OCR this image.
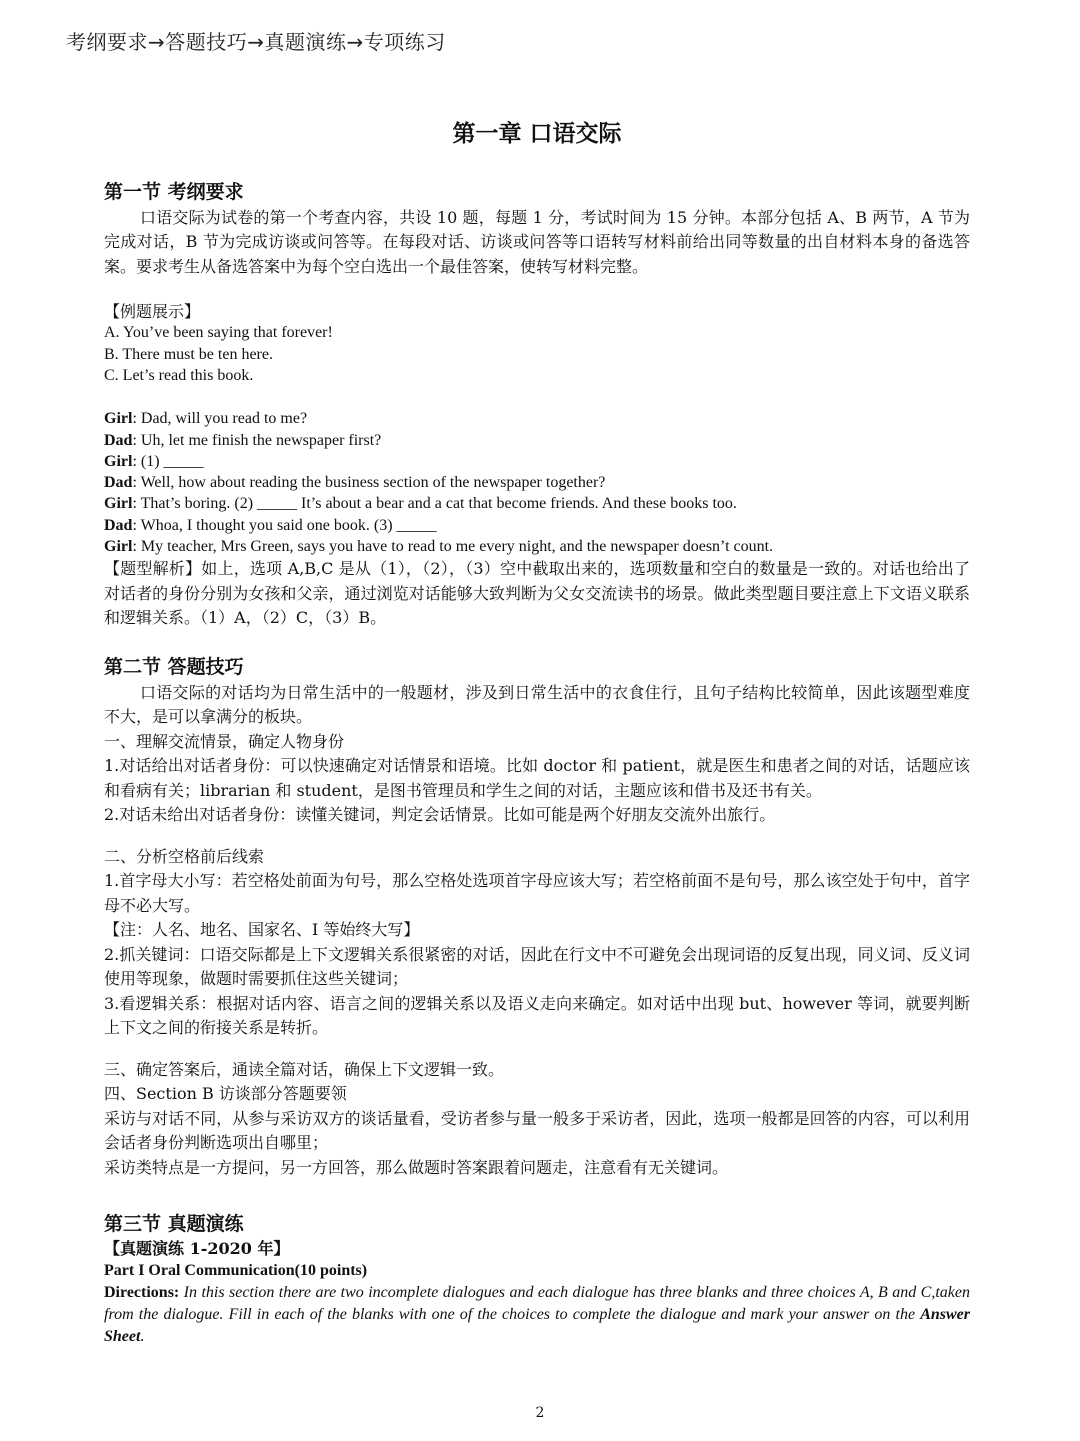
考纲要求→答题技巧→真题演练→专项练习
第一章 口语交际
第一节 考纲要求

口语交际为试卷的第一个考查内容，共设 10 题，每题 1 分，考试时间为 15 分钟。本部分包括 A、B 两节，A 节为完成对话，B 节为完成访谈或问答等。在每段对话、访谈或问答等口语转写材料前给出同等数量的出自材料本身的备选答案。要求考生从备选答案中为每个空白选出一个最佳答案，使转写材料完整。

【例题展示】

A. You’ve been saying that forever!

B. There must be ten here.

C. Let’s read this book.

Girl: Dad, will you read to me?

Dad: Uh, let me finish the newspaper first?

Girl: (1) _____

Dad: Well, how about reading the business section of the newspaper together?

Girl: That’s boring. (2) _____ It’s about a bear and a cat that become friends. And these books too.

Dad: Whoa, I thought you said one book. (3) _____

Girl: My teacher, Mrs Green, says you have to read to me every night, and the newspaper doesn’t count.

【题型解析】如上，选项 A,B,C 是从（1），（2），（3）空中截取出来的，选项数量和空白的数量是一致的。对话也给出了对话者的身份分别为女孩和父亲，通过浏览对话能够大致判断为父女交流读书的场景。做此类型题目要注意上下文语义联系和逻辑关系。（1）A，（2）C，（3）B。

第二节 答题技巧

口语交际的对话均为日常生活中的一般题材，涉及到日常生活中的衣食住行，且句子结构比较简单，因此该题型难度不大，是可以拿满分的板块。

一、理解交流情景，确定人物身份

1.对话给出对话者身份：可以快速确定对话情景和语境。比如 doctor 和 patient，就是医生和患者之间的对话，话题应该和看病有关；librarian 和 student，是图书管理员和学生之间的对话，主题应该和借书及还书有关。

2.对话未给出对话者身份：读懂关键词，判定会话情景。比如可能是两个好朋友交流外出旅行。

二、分析空格前后线索

1.首字母大小写：若空格处前面为句号，那么空格处选项首字母应该大写；若空格前面不是句号，那么该空处于句中，首字母不必大写。

【注：人名、地名、国家名、I 等始终大写】

2.抓关键词：口语交际都是上下文逻辑关系很紧密的对话，因此在行文中不可避免会出现词语的反复出现，同义词、反义词使用等现象，做题时需要抓住这些关键词；

3.看逻辑关系：根据对话内容、语言之间的逻辑关系以及语义走向来确定。如对话中出现 but、however 等词，就要判断上下文之间的衔接关系是转折。

三、确定答案后，通读全篇对话，确保上下文逻辑一致。

四、Section B 访谈部分答题要领

采访与对话不同，从参与采访双方的谈话量看，受访者参与量一般多于采访者，因此，选项一般都是回答的内容，可以利用会话者身份判断选项出自哪里；

采访类特点是一方提问，另一方回答，那么做题时答案跟着问题走，注意看有无关键词。

第三节 真题演练

【真题演练 1-2020 年】

Part I Oral Communication(10 points)

Directions: In this section there are two incomplete dialogues and each dialogue has three blanks and three choices A, B and C,taken from the dialogue. Fill in each of the blanks with one of the choices to complete the dialogue and mark your answer on the Answer Sheet.

2
